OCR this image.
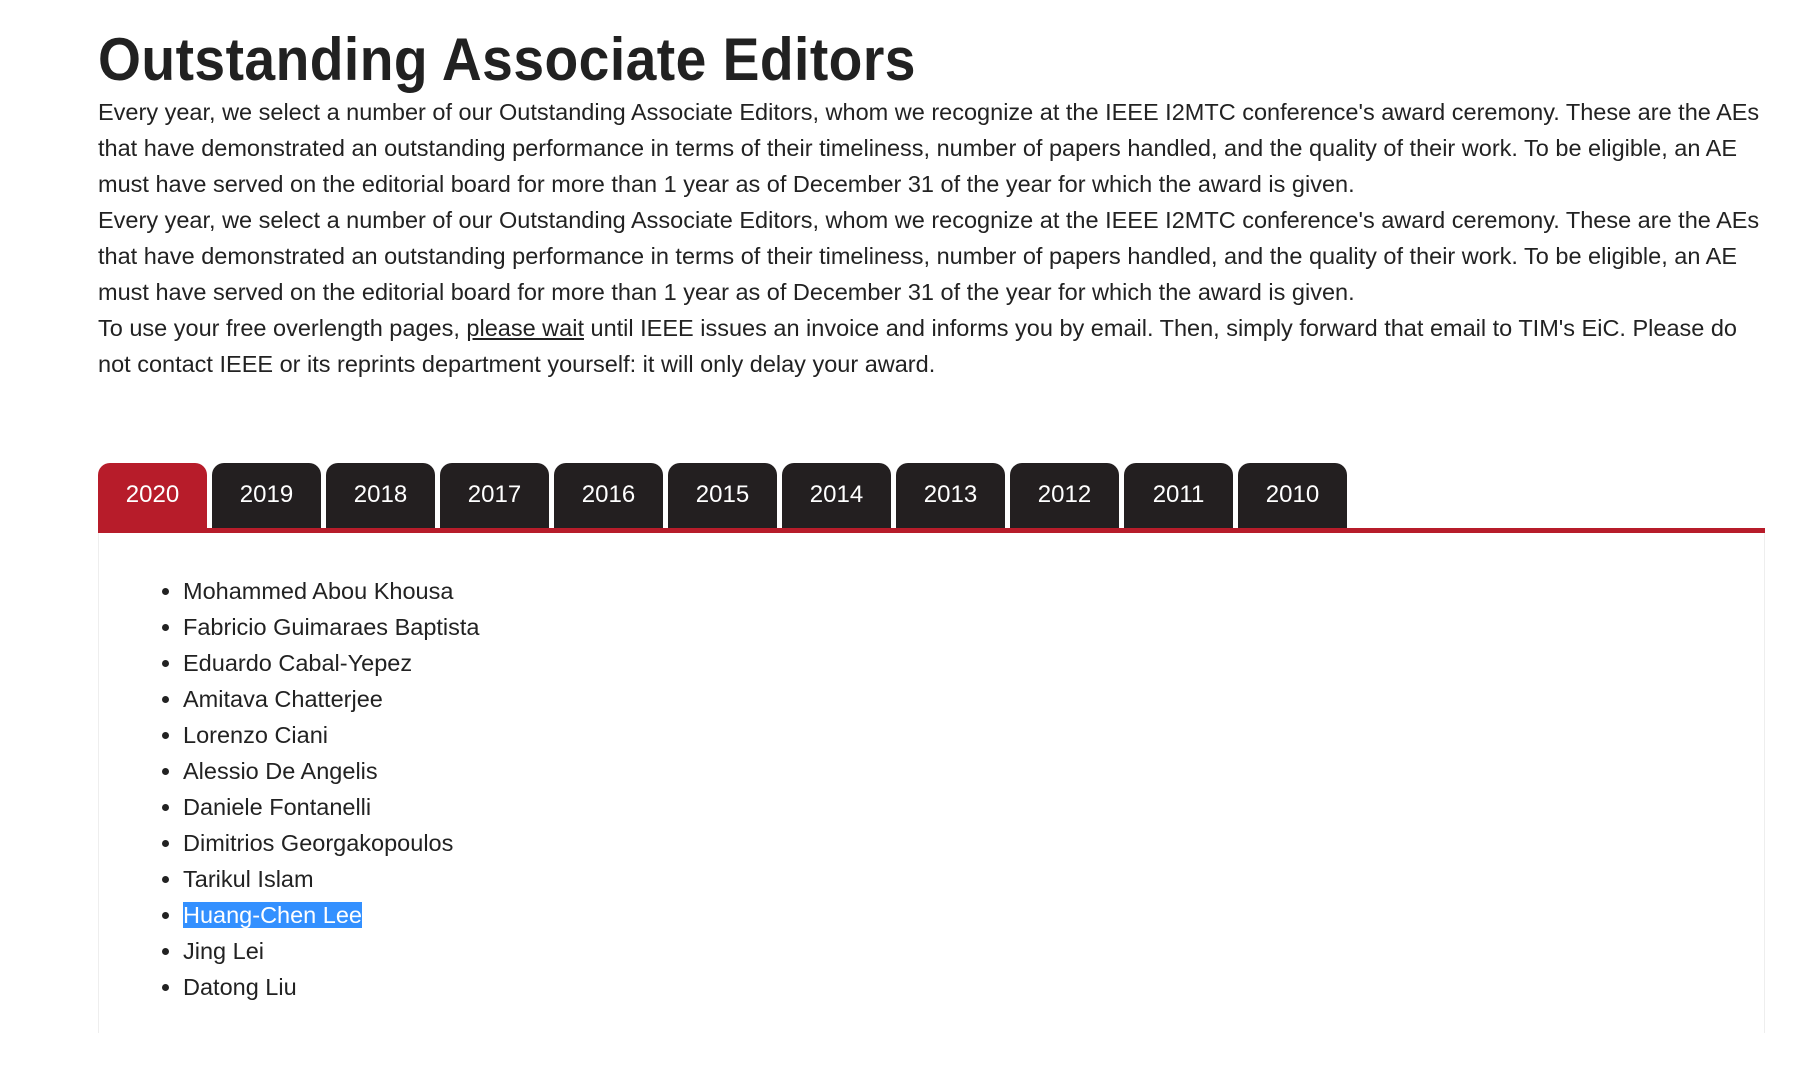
Outstanding Associate Editors

Every year, we select a number of our Outstanding Associate Editors, whom we recognize at the IEEE I2MTC conference's award ceremony. These are the AEs that have demonstrated an outstanding performance in terms of their timeliness, number of papers handled, and the quality of their work. To be eligible, an AE must have served on the editorial board for more than 1 year as of December 31 of the year for which the award is given.

Every year, we select a number of our Outstanding Associate Editors, whom we recognize at the IEEE I2MTC conference's award ceremony. These are the AEs that have demonstrated an outstanding performance in terms of their timeliness, number of papers handled, and the quality of their work. To be eligible, an AE must have served on the editorial board for more than 1 year as of December 31 of the year for which the award is given.

To use your free overlength pages, please wait until IEEE issues an invoice and informs you by email. Then, simply forward that email to TIM's EiC. Please do not contact IEEE or its reprints department yourself: it will only delay your award.

2020	2019	2018	2017	2016	2015	2014	2013	2012	2011	2010
• Mohammed Abou Khousa
• Fabricio Guimaraes Baptista
• Eduardo Cabal-Yepez
• Amitava Chatterjee
• Lorenzo Ciani
• Alessio De Angelis
• Daniele Fontanelli
• Dimitrios Georgakopoulos
• Tarikul Islam
• Huang-Chen Lee
• Jing Lei
• Datong Liu
